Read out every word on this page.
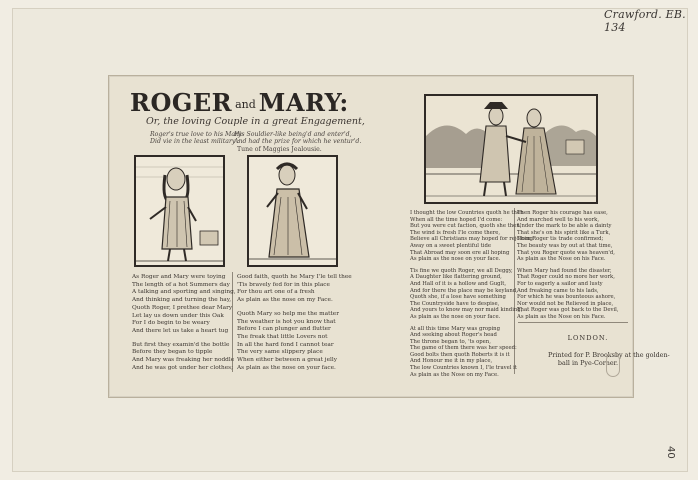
Crawford. EB. 134
40
ROGER and MARY:
Or, the loving Couple in a great Engagement,
Roger's true love to his Mary
Did vie in the least military :
His Souldier-like being'd and enter'd,
And had the prize for which he ventur'd.
Tune of Maggies Jealousie.
As Roger and Mary were toying
The length of a hot Summers day
A talking and sporting and singing,
And thinking and turning the hay,
Quoth Roger, I prethee dear Mary
Let lay us down under this Oak
For I do begin to be weary
And there let us take a heart tug
But first they examin'd the bottle
Before they began to tipple
And Mary was freaking her noddle
And he was got under her clothes;
Good faith, quoth he Mary I'le tell thee
'Tis bravely fed for in this place
For thou art one of a fresh
As plain as the nose on my Face.
Quoth Mary so help me the matter
The weather is hot you know that
Before I can plunger and flutter
The freak that little Lovers not
In all the hard fond I cannot tear
The very same slippery place
When either between a great jelly
As plain as the nose on your face.
I thought the low Countries quoth he then
When all the time hoped I'd come:
But you were cut faction, quoth she then,
The wind is fresh I'le come there,
Believe all Christians may hoped for rejoicing
Away on a sweet plentiful tide
That Abroad may soon ere all hoping
As plain as the nose on your face.
Tis fine we quoth Roger, we all Deggy,
A Daughter like flattering ground,
And Hall of it is a hollow and Guglt,
And for there the place may be keyland,
Quoth she, if a lose have something
The Countryside have to despise,
And yours to know may nor maid kinding,
As plain as the nose on your face.
At all this time Mary was groping
And seeking about Roger's head
The throne began to, 'ts open,
The game of them there was her speed:
Good bolts then quoth Roberts it is it
And Honour me it in my place,
The low Countries known I, I'le travel it
As plain as the Nose on my Face.
Then Roger his courage has ease,
And marched well to his work,
Under the mark to be able a dainty
That she's on his spirit like a Turk,
Then Roger tis trade confirmed;
The beauty was by out at that time,
That you Roger quote was heaven'd,
As plain as the Nose on his Face.
When Mary had found the disaster,
That Roger could no more her work,
For to eagerly a sailor and lusty
And freaking came to his lads,
For which he was bounteous ashore,
Nor would not be Relieved in place,
That Roger was got back to the Devil,
As plain as the Nose on his Face.
LONDON.
Printed for P. Brooksby at the golden-
ball in Pye-Corner.
